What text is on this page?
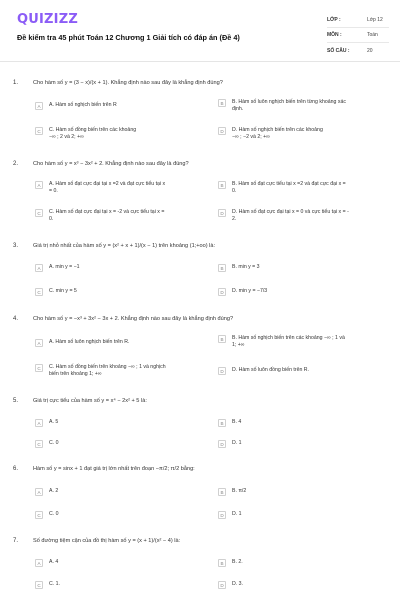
QUIZIZZ
Đề kiểm tra 45 phút Toán 12 Chương 1 Giải tích có đáp án (Đề 4)
LỚP :	Lớp 12
MÔN :	Toán
SỐ CÂU :	20
1.	Cho hàm số y = (3 − x)/(x + 1). Khẳng định nào sau đây là khẳng định đúng?
A	A. Hàm số nghịch biến trên R	B	B. Hàm số luôn nghịch biến trên từng khoảng xác
định.
C	C. Hàm số đồng biến trên các khoảng
−∞ ; 2 và 2; +∞
D	D. Hàm số nghịch biến trên các khoảng
−∞ ; −2 và 2; +∞
2.	Cho hàm số y = x³ − 3x² + 2. Khẳng định nào sau đây là đúng?
A	A. Hàm số đạt cực đại tại x =2 và đạt cực tiểu tại x
= 0.
B	B. Hàm số đạt cực tiểu tại x =2 và đạt cực đại x =
0.
C	C. Hàm số đạt cực đại tại x = -2 và cực tiểu tại x =
0.
D	D. Hàm số đạt cực đại tại x = 0 và cực tiểu tại x = -
2.
3.	Giá trị nhỏ nhất của hàm số y = (x² + x + 1)/(x − 1) trên khoảng (1;+oo) là:
A	A. min y = −1	B	B. min y = 3
C	C. min y = 5	D	D. min y = −7/3
4.	Cho hàm số y = −x³ + 3x² − 3x + 2. Khẳng định nào sau đây là khẳng định đúng?
A	A. Hàm số luôn nghịch biến trên R.	B	B. Hàm số nghịch biến trên các khoảng −∞ ; 1 và
1; +∞
C	C. Hàm số đồng biến trên khoảng −∞ ; 1 và nghịch
biến trên khoảng 1; +∞	D	D. Hàm số luôn đồng biến trên R.
5.	Giá trị cực tiểu của hàm số y = x⁴ − 2x² + 5 là:
A	A. 5	B	B. 4
C	C. 0	D	D. 1
6.	Hàm số y = sinx + 1 đạt giá trị lớn nhất trên đoạn −π/2; π/2 bằng:
A	A. 2	B	B. π/2
C	C. 0	D	D. 1
7.	Số đường tiệm cận của đồ thị hàm số y = (x + 1)/(x² − 4) là:
A	A. 4	B	B. 2.
C	C. 1.	D	D. 3.
